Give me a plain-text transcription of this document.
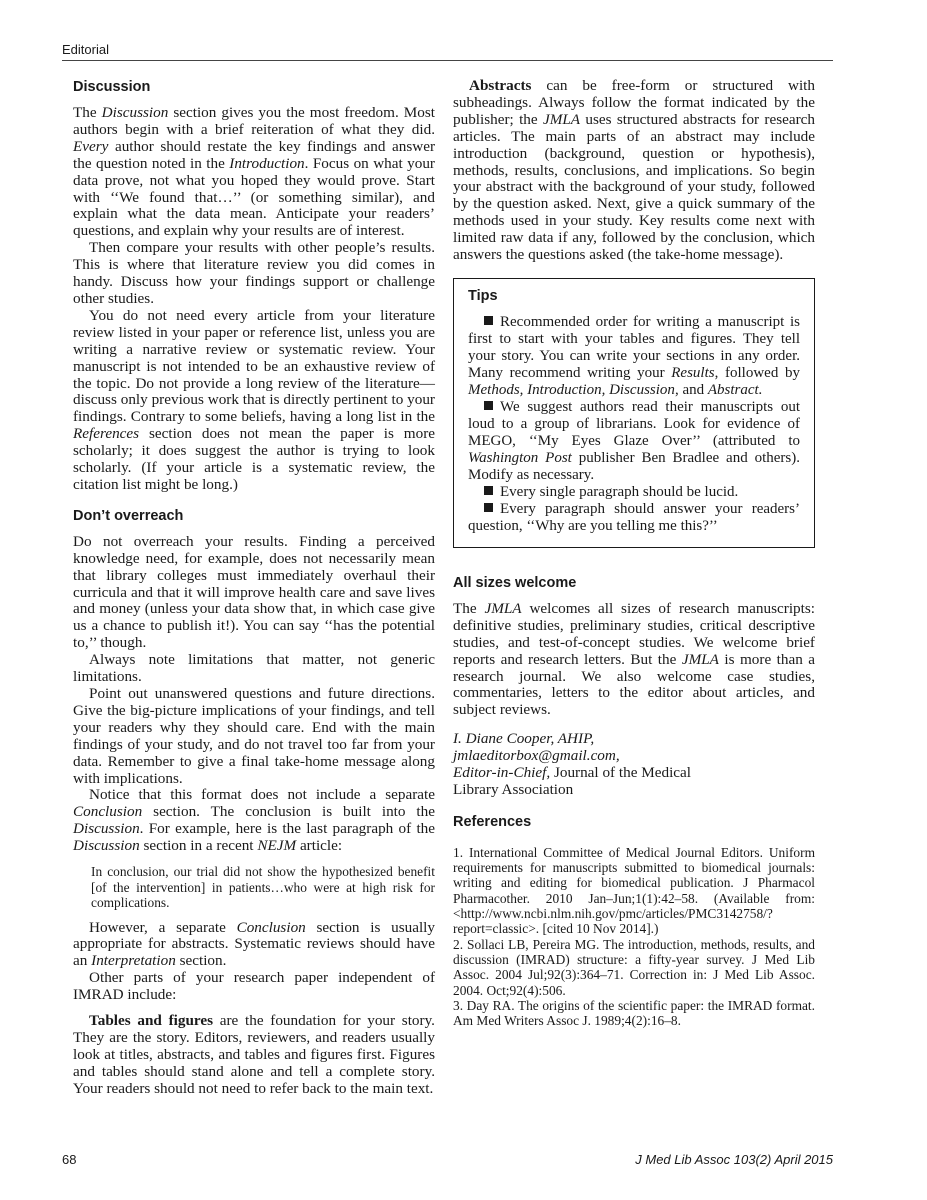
Editorial
Discussion

The Discussion section gives you the most freedom. Most authors begin with a brief reiteration of what they did. Every author should restate the key findings and answer the question noted in the Introduction. Focus on what your data prove, not what you hoped they would prove. Start with ‘‘We found that…’’ (or something similar), and explain what the data mean. Anticipate your readers’ questions, and explain why your results are of interest.

Then compare your results with other people’s results. This is where that literature review you did comes in handy. Discuss how your findings support or challenge other studies.

You do not need every article from your literature review listed in your paper or reference list, unless you are writing a narrative review or systematic review. Your manuscript is not intended to be an exhaustive review of the topic. Do not provide a long review of the literature—discuss only previous work that is directly pertinent to your findings. Contrary to some beliefs, having a long list in the References section does not mean the paper is more scholarly; it does suggest the author is trying to look scholarly. (If your article is a systematic review, the citation list might be long.)

Don’t overreach

Do not overreach your results. Finding a perceived knowledge need, for example, does not necessarily mean that library colleges must immediately overhaul their curricula and that it will improve health care and save lives and money (unless your data show that, in which case give us a chance to publish it!). You can say ‘‘has the potential to,’’ though.

Always note limitations that matter, not generic limitations.

Point out unanswered questions and future directions. Give the big-picture implications of your findings, and tell your readers why they should care. End with the main findings of your study, and do not travel too far from your data. Remember to give a final take-home message along with implications.

Notice that this format does not include a separate Conclusion section. The conclusion is built into the Discussion. For example, here is the last paragraph of the Discussion section in a recent NEJM article:

In conclusion, our trial did not show the hypothesized benefit [of the intervention] in patients…who were at high risk for complications.

However, a separate Conclusion section is usually appropriate for abstracts. Systematic reviews should have an Interpretation section.

Other parts of your research paper independent of IMRAD include:

Tables and figures are the foundation for your story. They are the story. Editors, reviewers, and readers usually look at titles, abstracts, and tables and figures first. Figures and tables should stand alone and tell a complete story. Your readers should not need to refer back to the main text.

Abstracts can be free-form or structured with subheadings. Always follow the format indicated by the publisher; the JMLA uses structured abstracts for research articles. The main parts of an abstract may include introduction (background, question or hypothesis), methods, results, conclusions, and implications. So begin your abstract with the background of your study, followed by the question asked. Next, give a quick summary of the methods used in your study. Key results come next with limited raw data if any, followed by the conclusion, which answers the questions asked (the take-home message).

Tips

Recommended order for writing a manuscript is first to start with your tables and figures. They tell your story. You can write your sections in any order. Many recommend writing your Results, followed by Methods, Introduction, Discussion, and Abstract.

We suggest authors read their manuscripts out loud to a group of librarians. Look for evidence of MEGO, ‘‘My Eyes Glaze Over’’ (attributed to Washington Post publisher Ben Bradlee and others). Modify as necessary.

Every single paragraph should be lucid.

Every paragraph should answer your readers’ question, ‘‘Why are you telling me this?’’

All sizes welcome

The JMLA welcomes all sizes of research manuscripts: definitive studies, preliminary studies, critical descriptive studies, and test-of-concept studies. We welcome brief reports and research letters. But the JMLA is more than a research journal. We also welcome case studies, commentaries, letters to the editor about articles, and subject reviews.

I. Diane Cooper, AHIP,
jmlaeditorbox@gmail.com,
Editor-in-Chief, Journal of the Medical
Library Association
References

1. International Committee of Medical Journal Editors. Uniform requirements for manuscripts submitted to biomedical journals: writing and editing for biomedical publication. J Pharmacol Pharmacother. 2010 Jan–Jun;1(1):42–58. (Available from: <http://www.ncbi.nlm.nih.gov/pmc/articles/PMC3142758/?report=classic>. [cited 10 Nov 2014].)

2. Sollaci LB, Pereira MG. The introduction, methods, results, and discussion (IMRAD) structure: a fifty-year survey. J Med Lib Assoc. 2004 Jul;92(3):364–71. Correction in: J Med Lib Assoc. 2004. Oct;92(4):506.

3. Day RA. The origins of the scientific paper: the IMRAD format. Am Med Writers Assoc J. 1989;4(2):16–8.

68	J Med Lib Assoc 103(2) April 2015
